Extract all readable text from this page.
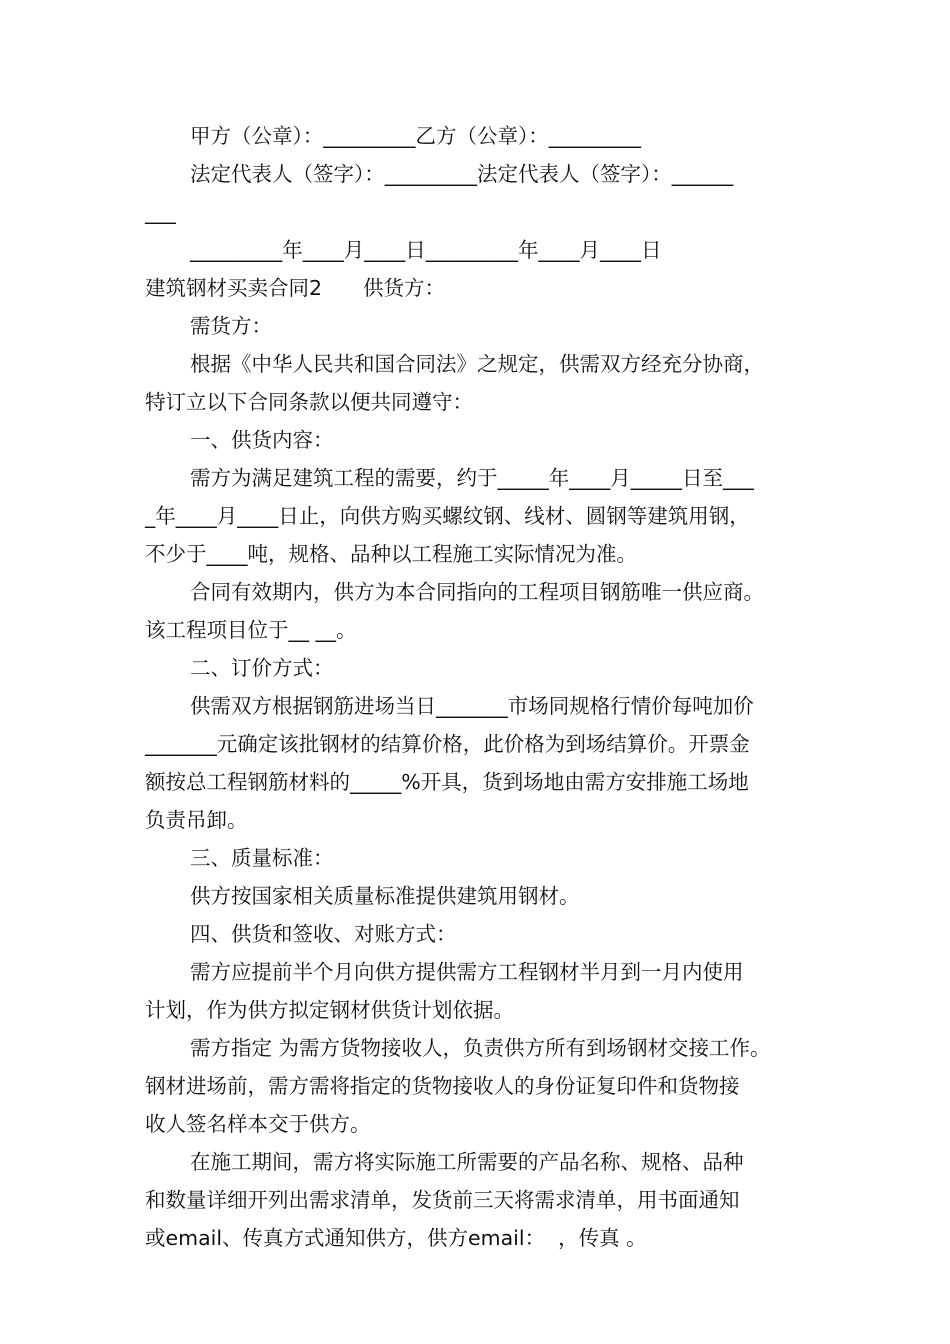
甲方（公章）：_________乙方（公章）：_________
法定代表人（签字）：_________法定代表人（签字）：______
___
_________年____月____日_________年____月____日
建筑钢材买卖合同2　　供货方：
需货方：
根据《中华人民共和国合同法》之规定，供需双方经充分协商，
特订立以下合同条款以便共同遵守：
一、供货内容：
需方为满足建筑工程的需要，约于_____年____月_____日至___
_年____月____日止，向供方购买螺纹钢、线材、圆钢等建筑用钢，
不少于____吨，规格、品种以工程施工实际情况为准。
合同有效期内，供方为本合同指向的工程项目钢筋唯一供应商。
该工程项目位于__ __。
二、订价方式：
供需双方根据钢筋进场当日_______市场同规格行情价每吨加价
_______元确定该批钢材的结算价格，此价格为到场结算价。开票金
额按总工程钢筋材料的_____%开具，货到场地由需方安排施工场地
负责吊卸。
三、质量标准：
供方按国家相关质量标准提供建筑用钢材。
四、供货和签收、对账方式：
需方应提前半个月向供方提供需方工程钢材半月到一月内使用
计划，作为供方拟定钢材供货计划依据。
需方指定 为需方货物接收人，负责供方所有到场钢材交接工作。
钢材进场前，需方需将指定的货物接收人的身份证复印件和货物接
收人签名样本交于供方。
在施工期间，需方将实际施工所需要的产品名称、规格、品种
和数量详细开列出需求清单，发货前三天将需求清单，用书面通知
或email、传真方式通知供方，供方email：  ，传真 。
